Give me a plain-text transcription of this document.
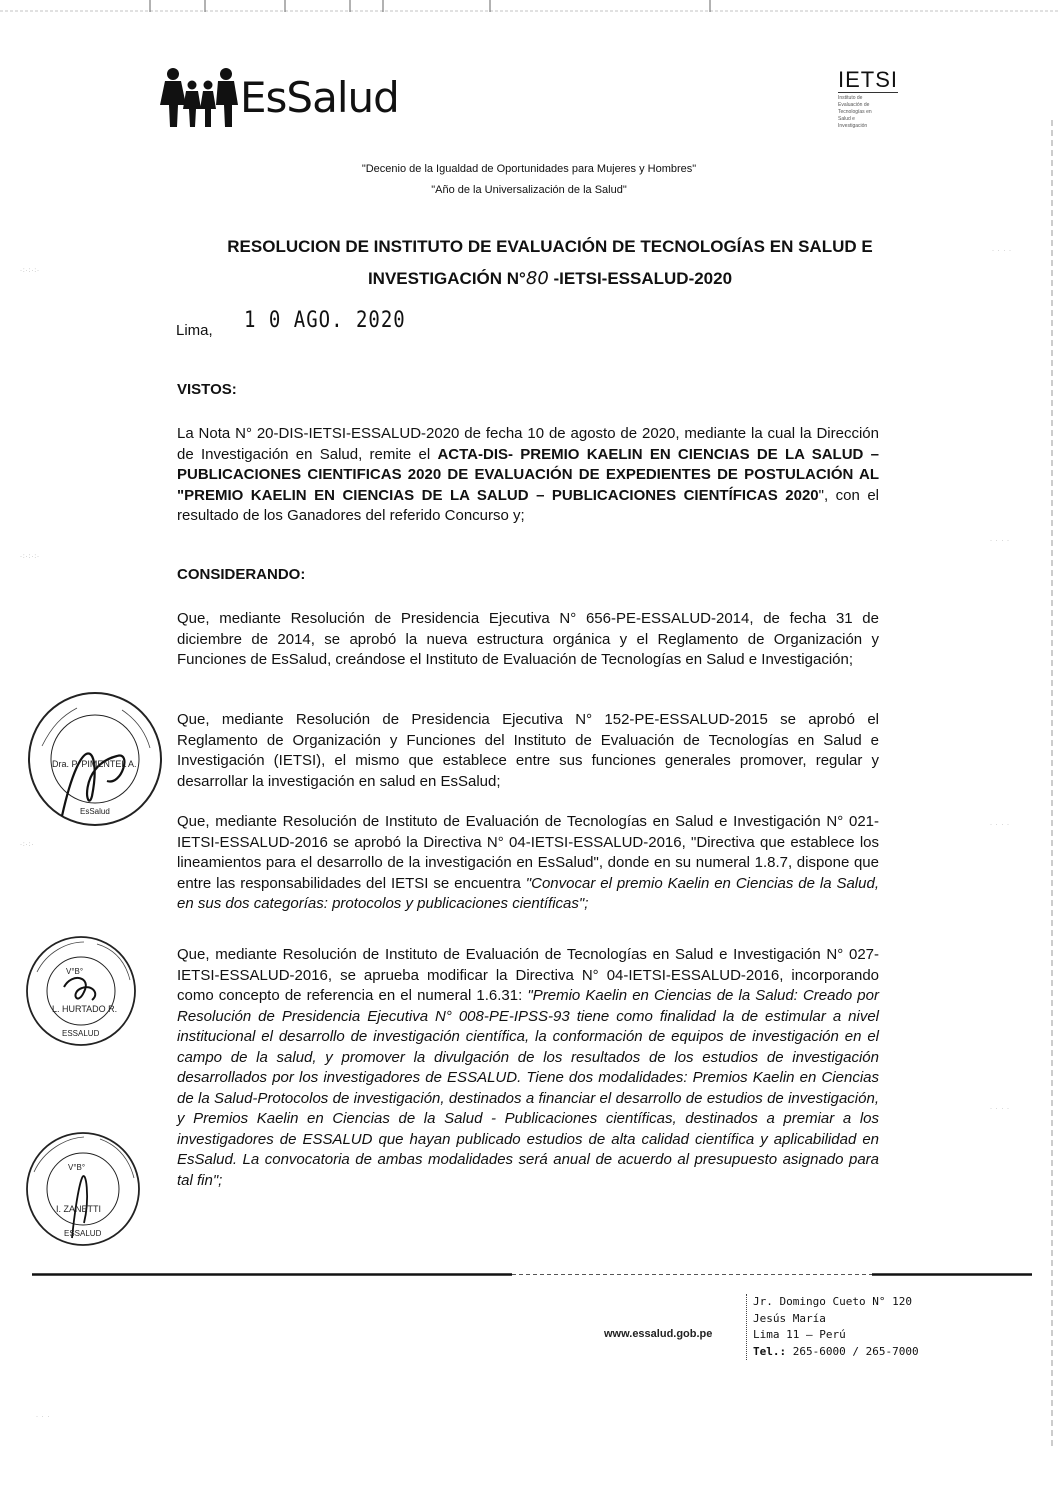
·:·:·:·
·:·:·:·
·:·:·
· · · ·
· · · ·
· · · ·
· · · ·
· · ·
EsSalud	IETSI
Instituto de
Evaluación de
Tecnologías en
Salud e
Investigación
"Decenio de la Igualdad de Oportunidades para Mujeres y Hombres"
"Año de la Universalización de la Salud"
RESOLUCION DE INSTITUTO DE EVALUACIÓN DE TECNOLOGÍAS EN SALUD E
INVESTIGACIÓN N°80 -IETSI-ESSALUD-2020
Lima, 1 0 AGO. 2020
VISTOS:
La Nota N° 20-DIS-IETSI-ESSALUD-2020 de fecha 10 de agosto de 2020, mediante la cual la Dirección de Investigación en Salud, remite el ACTA-DIS- PREMIO KAELIN EN CIENCIAS DE LA SALUD – PUBLICACIONES CIENTIFICAS 2020 DE EVALUACIÓN DE EXPEDIENTES DE POSTULACIÓN AL "PREMIO KAELIN EN CIENCIAS DE LA SALUD – PUBLICACIONES CIENTÍFICAS 2020", con el resultado de los Ganadores del referido Concurso y;
CONSIDERANDO:
Que, mediante Resolución de Presidencia Ejecutiva N° 656-PE-ESSALUD-2014, de fecha 31 de diciembre de 2014, se aprobó la nueva estructura orgánica y el Reglamento de Organización y Funciones de EsSalud, creándose el Instituto de Evaluación de Tecnologías en Salud e Investigación;
Que, mediante Resolución de Presidencia Ejecutiva N° 152-PE-ESSALUD-2015 se aprobó el Reglamento de Organización y Funciones del Instituto de Evaluación de Tecnologías en Salud e Investigación (IETSI), el mismo que establece entre sus funciones generales promover, regular y desarrollar la investigación en salud en EsSalud;
Que, mediante Resolución de Instituto de Evaluación de Tecnologías en Salud e Investigación N° 021-IETSI-ESSALUD-2016 se aprobó la Directiva N° 04-IETSI-ESSALUD-2016, "Directiva que establece los lineamientos para el desarrollo de la investigación en EsSalud", donde en su numeral 1.8.7, dispone que entre las responsabilidades del IETSI se encuentra "Convocar el premio Kaelin en Ciencias de la Salud, en sus dos categorías: protocolos y publicaciones científicas";
Que, mediante Resolución de Instituto de Evaluación de Tecnologías en Salud e Investigación N° 027-IETSI-ESSALUD-2016, se aprueba modificar la Directiva N° 04-IETSI-ESSALUD-2016, incorporando como concepto de referencia en el numeral 1.6.31: "Premio Kaelin en Ciencias de la Salud: Creado por Resolución de Presidencia Ejecutiva N° 008-PE-IPSS-93 tiene como finalidad la de estimular a nivel institucional el desarrollo de investigación científica, la conformación de equipos de investigación en el campo de la salud, y promover la divulgación de los resultados de los estudios de investigación desarrollados por los investigadores de ESSALUD. Tiene dos modalidades: Premios Kaelin en Ciencias de la Salud-Protocolos de investigación, destinados a financiar el desarrollo de estudios de investigación, y Premios Kaelin en Ciencias de la Salud - Publicaciones científicas, destinados a premiar a los investigadores de ESSALUD que hayan publicado estudios de alta calidad científica y aplicabilidad en EsSalud. La convocatoria de ambas modalidades será anual de acuerdo al presupuesto asignado para tal fin";
Dra. P. PIMENTEL A.
EsSalud
V°B°
L. HURTADO R.
ESSALUD
V°B°
I. ZANETTI
ESSALUD
www.essalud.gob.pe
Jr. Domingo Cueto N° 120
Jesús María
Lima 11 – Perú
Tel.: 265-6000 / 265-7000
